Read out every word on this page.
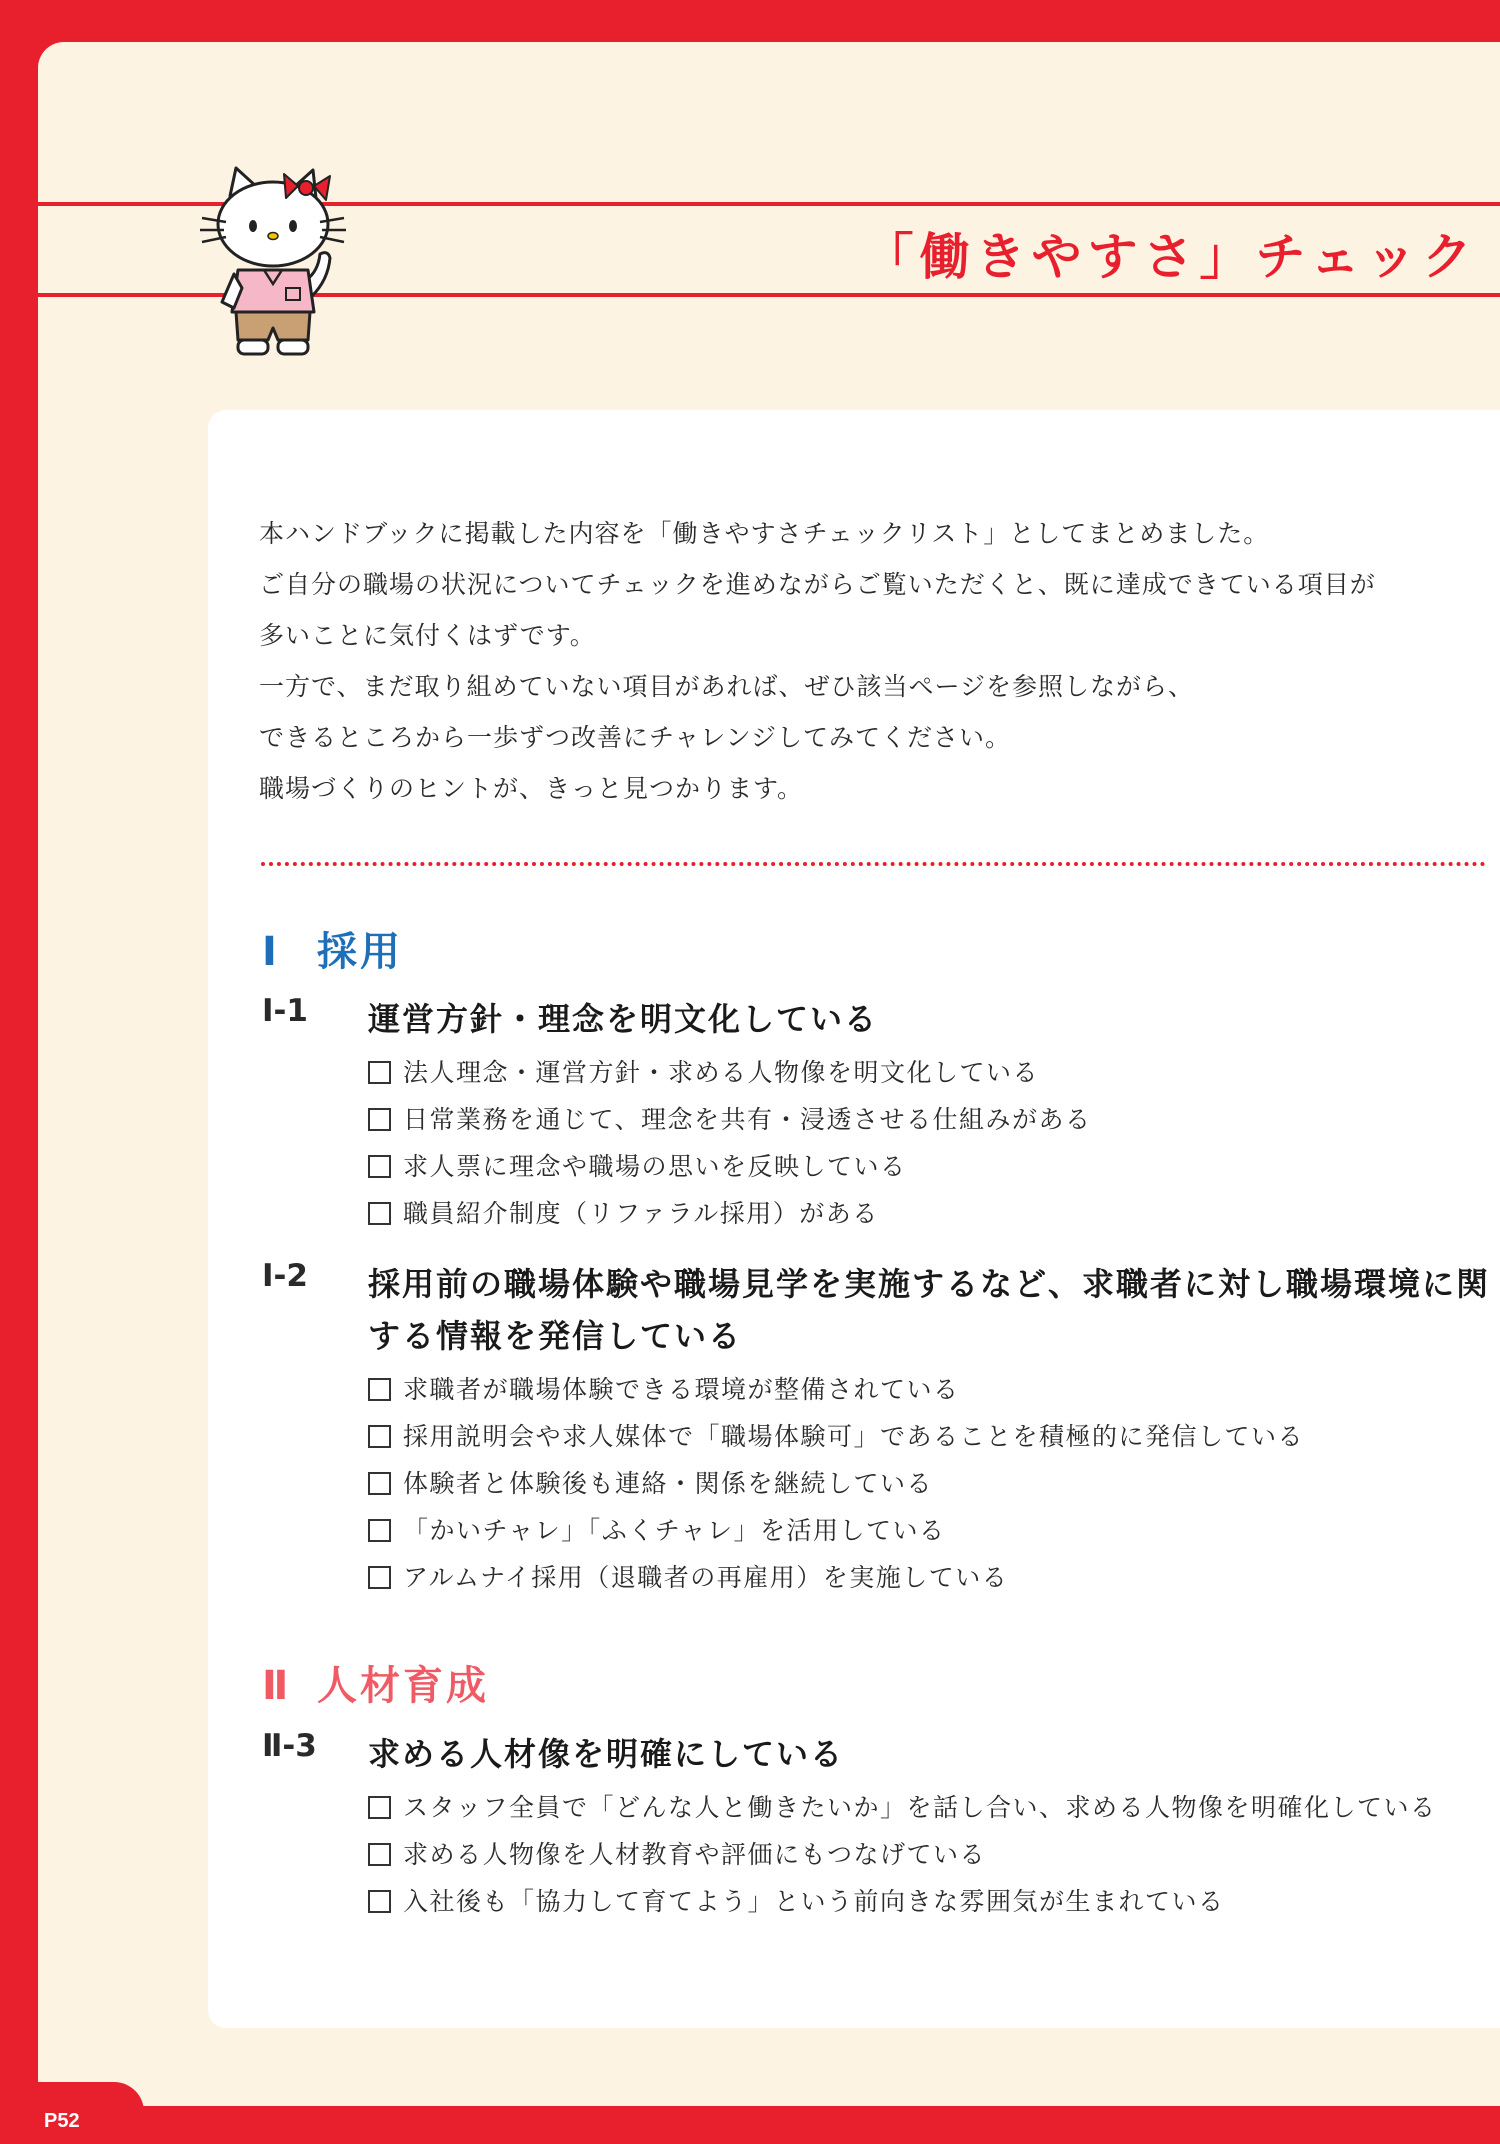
「働きやすさ」チェック

本ハンドブックに掲載した内容を「働きやすさチェックリスト」としてまとめました。

ご自分の職場の状況についてチェックを進めながらご覧いただくと、既に達成できている項目が

多いことに気付くはずです。

一方で、まだ取り組めていない項目があれば、ぜひ該当ページを参照しながら、

できるところから一歩ずつ改善にチャレンジしてみてください。

職場づくりのヒントが、きっと見つかります。

Ⅰ 採用
Ⅰ-1 運営方針・理念を明文化している
法人理念・運営方針・求める人物像を明文化している
日常業務を通じて、理念を共有・浸透させる仕組みがある
求人票に理念や職場の思いを反映している
職員紹介制度（リファラル採用）がある
Ⅰ-2 採用前の職場体験や職場見学を実施するなど、求職者に対し職場環境に関する情報を発信している
求職者が職場体験できる環境が整備されている
採用説明会や求人媒体で「職場体験可」であることを積極的に発信している
体験者と体験後も連絡・関係を継続している
「かいチャレ」「ふくチャレ」を活用している
アルムナイ採用（退職者の再雇用）を実施している
Ⅱ 人材育成
Ⅱ-3 求める人材像を明確にしている
スタッフ全員で「どんな人と働きたいか」を話し合い、求める人物像を明確化している
求める人物像を人材教育や評価にもつなげている
入社後も「協力して育てよう」という前向きな雰囲気が生まれている
P52
